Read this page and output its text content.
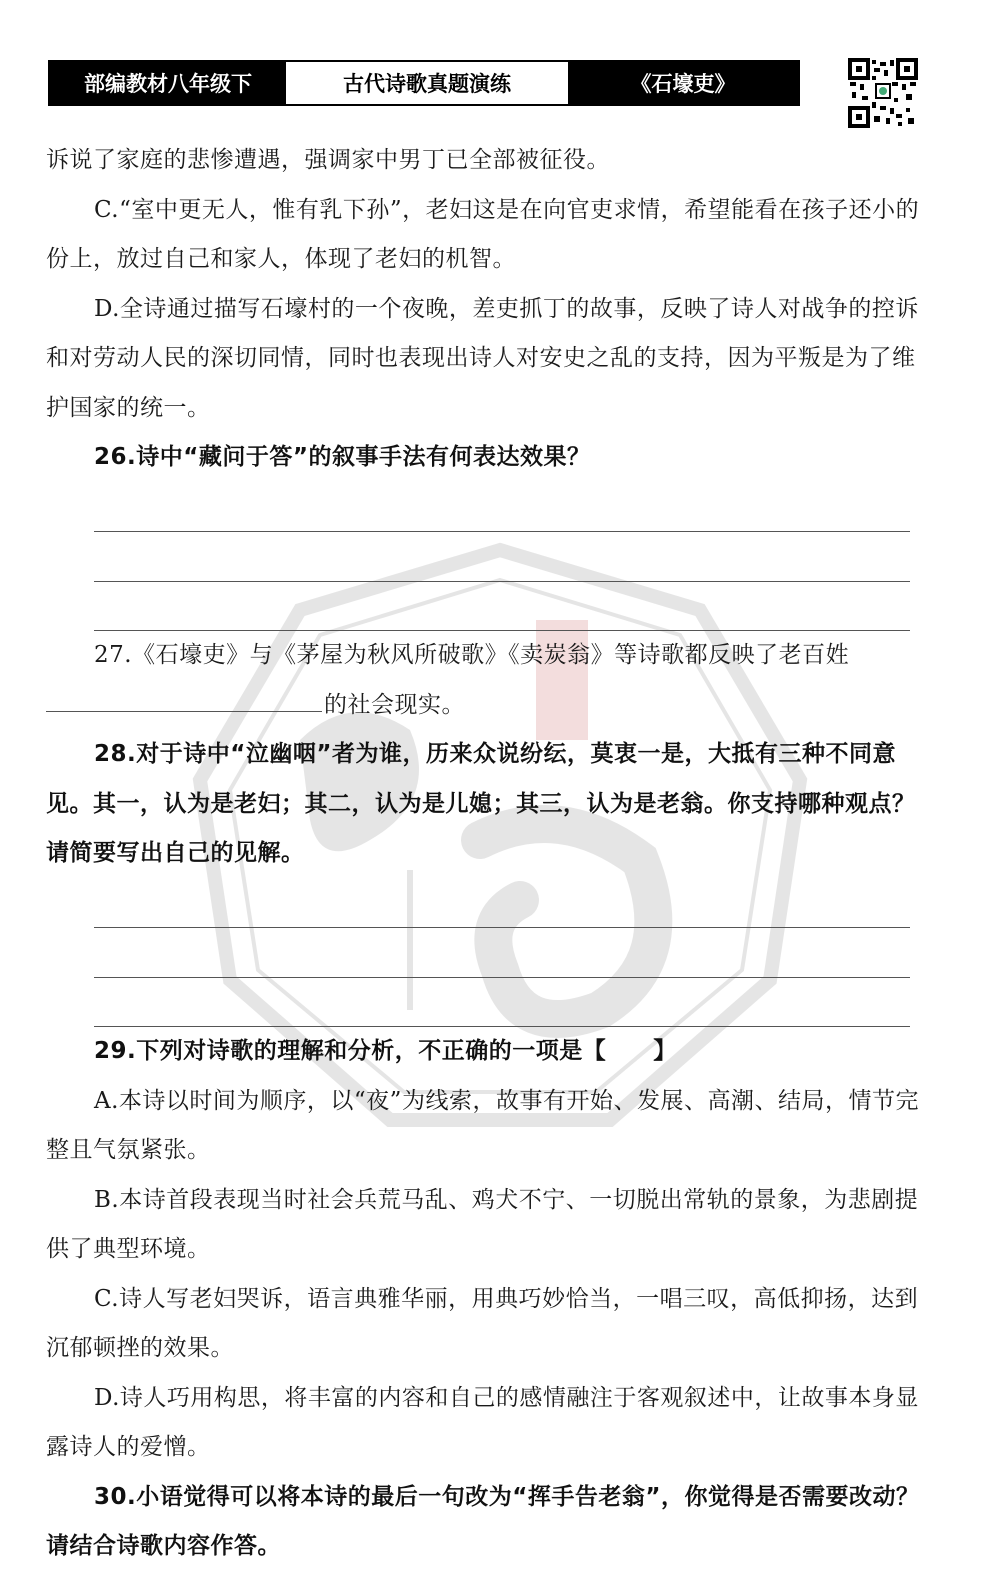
部编教材八年级下	古代诗歌真题演练	《石壕吏》

诉说了家庭的悲惨遭遇，强调家中男丁已全部被征役。

C.“室中更无人，惟有乳下孙”，老妇这是在向官吏求情，希望能看在孩子还小的份上，放过自己和家人，体现了老妇的机智。

D.全诗通过描写石壕村的一个夜晚，差吏抓丁的故事，反映了诗人对战争的控诉和对劳动人民的深切同情，同时也表现出诗人对安史之乱的支持，因为平叛是为了维护国家的统一。

26.诗中“藏问于答”的叙事手法有何表达效果？

27.《石壕吏》与《茅屋为秋风所破歌》《卖炭翁》等诗歌都反映了老百姓

的社会现实。

28.对于诗中“泣幽咽”者为谁，历来众说纷纭，莫衷一是，大抵有三种不同意见。其一，认为是老妇；其二，认为是儿媳；其三，认为是老翁。你支持哪种观点？请简要写出自己的见解。

29.下列对诗歌的理解和分析，不正确的一项是【　　】

A.本诗以时间为顺序，以“夜”为线索，故事有开始、发展、高潮、结局，情节完整且气氛紧张。

B.本诗首段表现当时社会兵荒马乱、鸡犬不宁、一切脱出常轨的景象，为悲剧提供了典型环境。

C.诗人写老妇哭诉，语言典雅华丽，用典巧妙恰当，一唱三叹，高低抑扬，达到沉郁顿挫的效果。

D.诗人巧用构思，将丰富的内容和自己的感情融注于客观叙述中，让故事本身显露诗人的爱憎。

30.小语觉得可以将本诗的最后一句改为“挥手告老翁”，你觉得是否需要改动？请结合诗歌内容作答。
